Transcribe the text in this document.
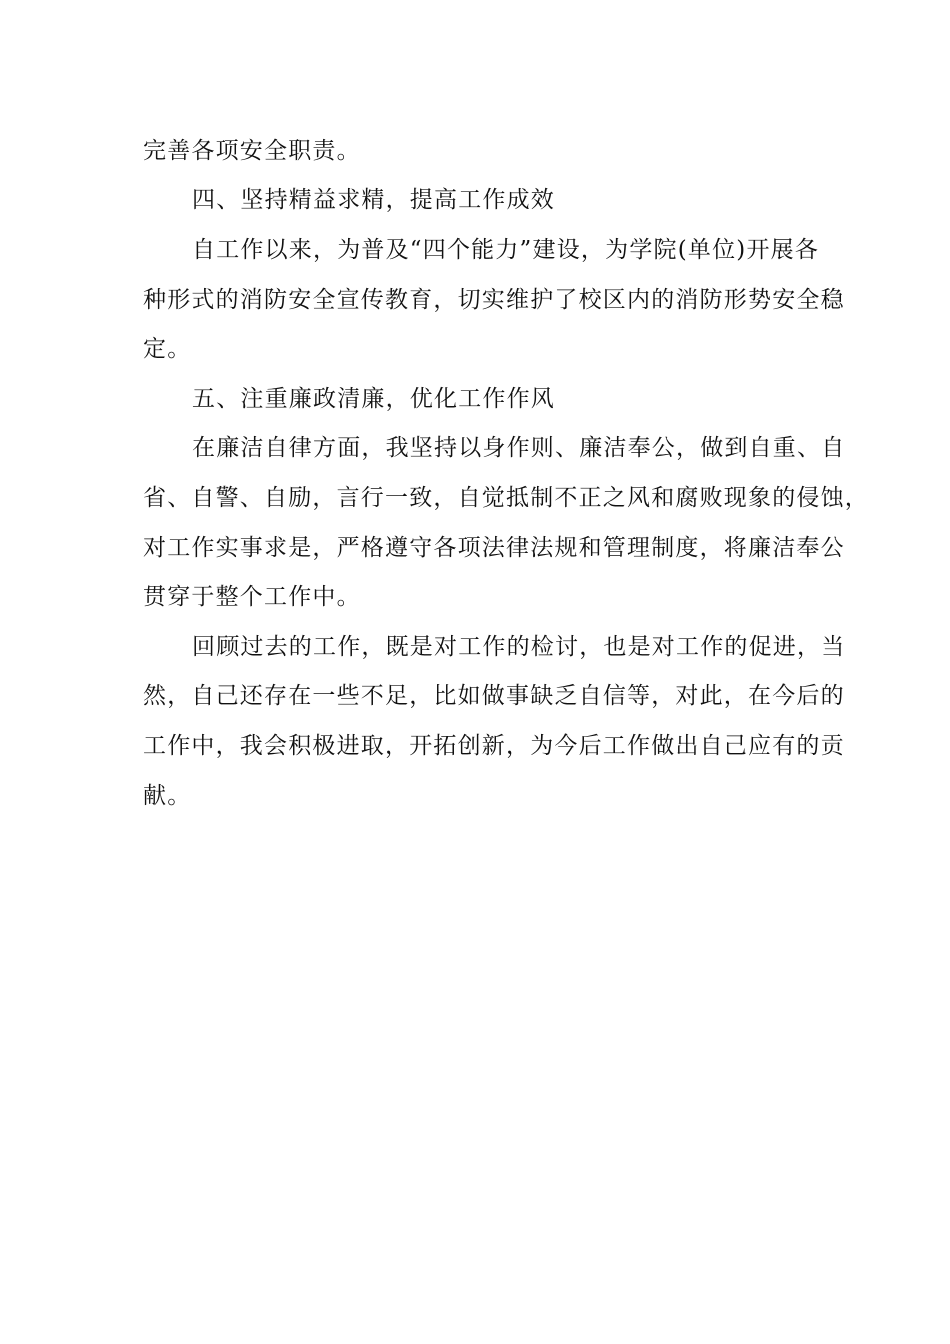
完善各项安全职责。
四、坚持精益求精，提高工作成效
自工作以来，为普及“四个能力”建设，为学院(单位)开展各
种形式的消防安全宣传教育，切实维护了校区内的消防形势安全稳
定。
五、注重廉政清廉，优化工作作风
在廉洁自律方面，我坚持以身作则、廉洁奉公，做到自重、自
省、自警、自励，言行一致，自觉抵制不正之风和腐败现象的侵蚀，
对工作实事求是，严格遵守各项法律法规和管理制度，将廉洁奉公
贯穿于整个工作中。
回顾过去的工作，既是对工作的检讨，也是对工作的促进，当
然，自己还存在一些不足，比如做事缺乏自信等，对此，在今后的
工作中，我会积极进取，开拓创新，为今后工作做出自己应有的贡
献。
